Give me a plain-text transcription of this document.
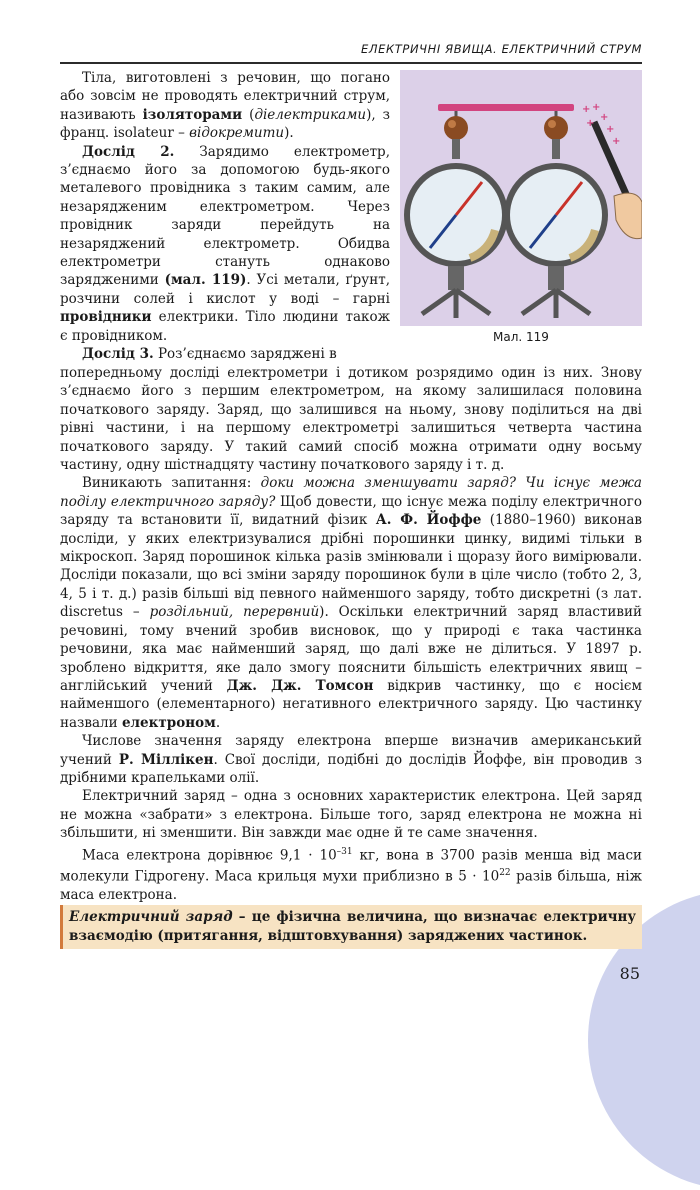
ЕЛЕКТРИЧНІ ЯВИЩА. ЕЛЕКТРИЧНИЙ СТРУМ

Тіла, виготовлені з речовин, що погано або зовсім не проводять електричний струм, називають ізоляторами (діелектриками), з франц. isolateur – відокремити).

Дослід 2. Зарядимо електрометр, з’єднаємо його за допомогою будь-якого металевого провідника з таким самим, але незарядженим електрометром. Через провідник заряди перейдуть на незаряджений електрометр. Обидва електрометри стануть однаково зарядженими (мал. 119). Усі метали, ґрунт, розчини солей і кислот у воді – гарні провідники електрики. Тіло людини також є провідником.

Дослід 3. Роз’єднаємо заряджені в

+ +
+
+
+
+
Мал. 119

попередньому досліді електрометри і дотиком розрядимо один із них. Знову з’єднаємо його з першим електрометром, на якому залишилася половина початкового заряду. Заряд, що залишився на ньому, знову поділиться на дві рівні частини, і на першому електрометрі залишиться четверта частина початкового заряду. У такий самий спосіб можна отримати одну восьму частину, одну шістнадцяту частину початкового заряду і т. д.

Виникають запитання: доки можна зменшувати заряд? Чи існує межа поділу електричного заряду? Щоб довести, що існує межа поділу електричного заряду та встановити її, видатний фізик А. Ф. Йоффе (1880–1960) виконав досліди, у яких електризувалися дрібні порошинки цинку, видимі тільки в мікроскоп. Заряд порошинок кілька разів змінювали і щоразу його вимірювали. Досліди показали, що всі зміни заряду порошинок були в ціле число (тобто 2, 3, 4, 5 і т. д.) разів більші від певного найменшого заряду, тобто дискретні (з лат. discretus – роздільний, перервний). Оскільки електричний заряд властивий речовині, тому вчений зробив висновок, що у природі є така частинка речовини, яка має найменший заряд, що далі вже не ділиться. У 1897 р. зроблено відкриття, яке дало змогу пояснити більшість електричних явищ – англійський учений Дж. Дж. Томсон відкрив частинку, що є носієм найменшого (елементарного) негативного електричного заряду. Цю частинку назвали електроном.

Числове значення заряду електрона вперше визначив американський учений Р. Міллікен. Свої досліди, подібні до дослідів Йоффе, він проводив з дрібними крапельками олії.

Електричний заряд – одна з основних характеристик електрона. Цей заряд не можна «забрати» з електрона. Більше того, заряд електрона не можна ні збільшити, ні зменшити. Він завжди має одне й те саме значення.

Маса електрона дорівнює $9,1 \cdot 10^{-31}$ кг, вона в 3700 разів менша від маси молекули Гідрогену. Маса крильця мухи приблизно в $5 \cdot 10^{22}$ разів більша, ніж маса електрона.

Електричний заряд – це фізична величина, що визначає електричну взаємодію (притягання, відштовхування) заряджених частинок.
85
